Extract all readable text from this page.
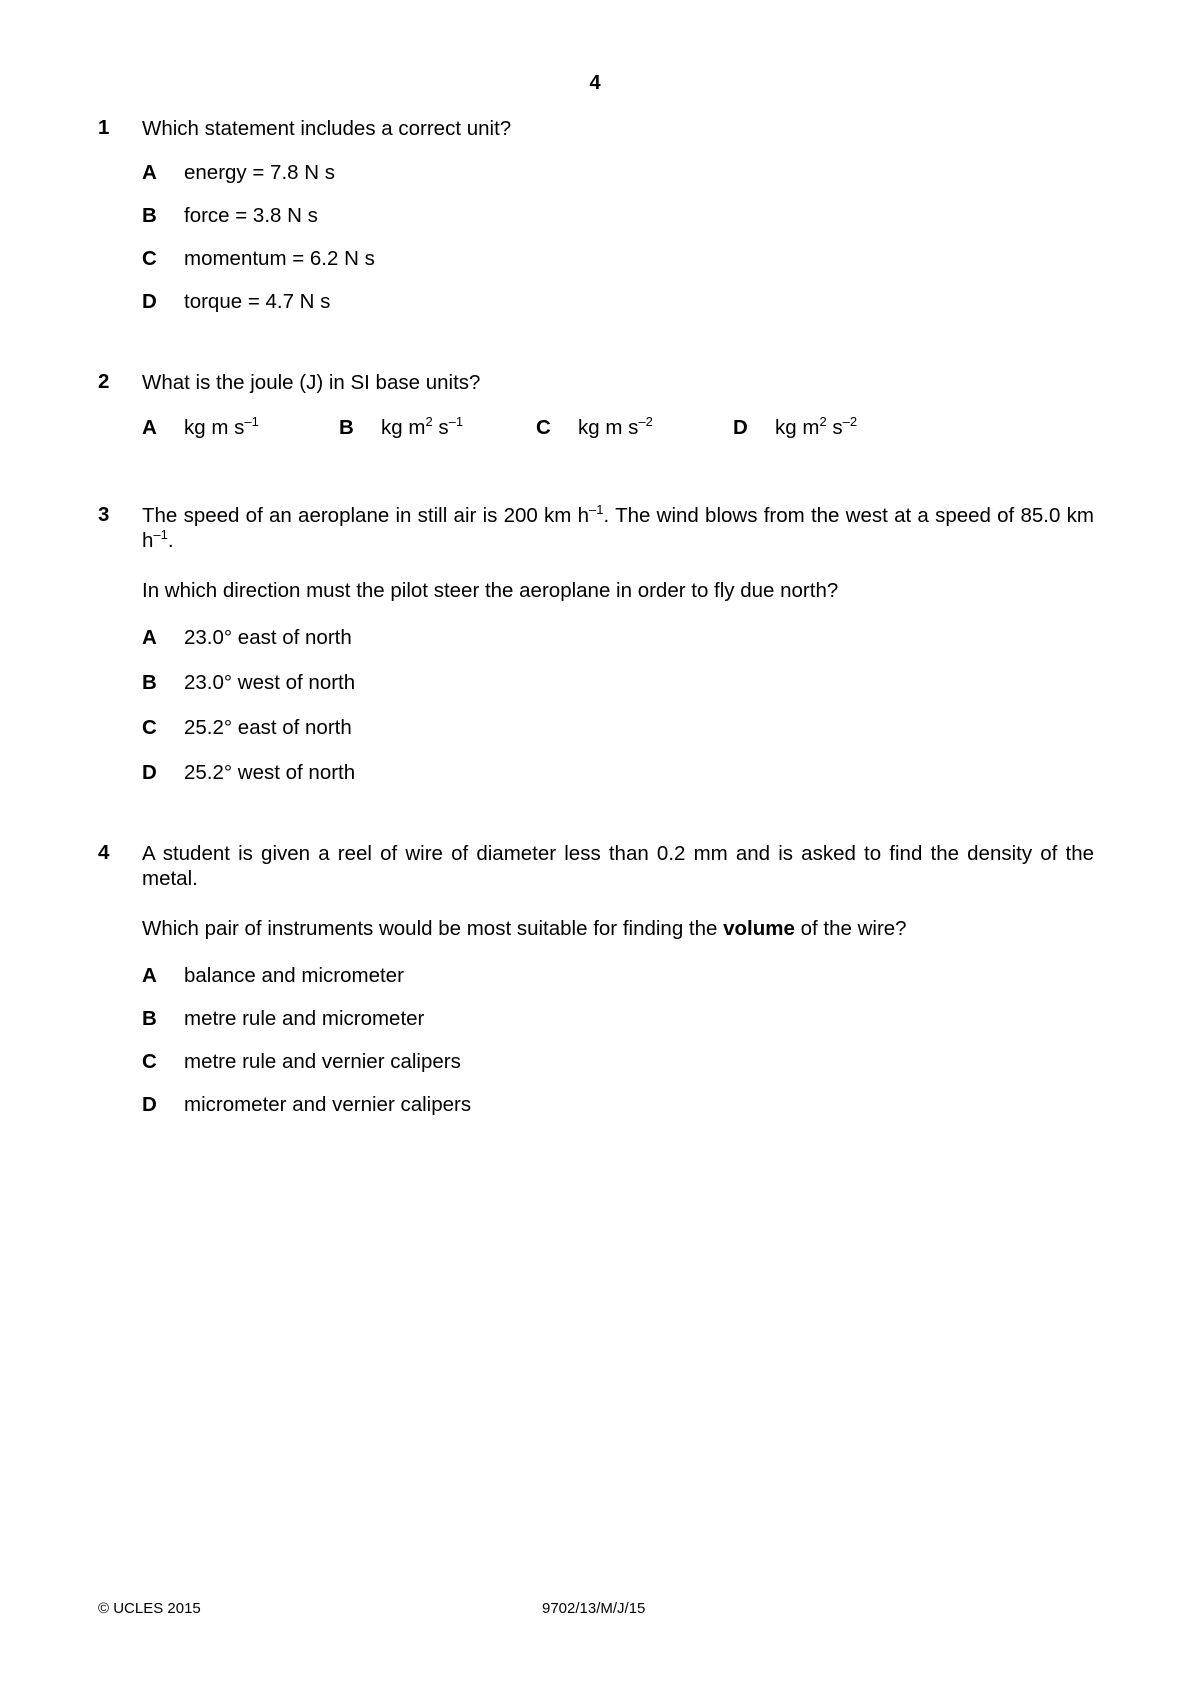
4
1 Which statement includes a correct unit?
A energy = 7.8 N s
B force = 3.8 N s
C momentum = 6.2 N s
D torque = 4.7 N s
2 What is the joule (J) in SI base units?
A kg m $s^{-1}$	B kg $m^2$ $s^{-1}$	C kg m $s^{-2}$	D kg $m^2$ $s^{-2}$
3 The speed of an aeroplane in still air is 200 km $h^{-1}$. The wind blows from the west at a speed of 85.0 km $h^{-1}$.
In which direction must the pilot steer the aeroplane in order to fly due north?
A 23.0° east of north
B 23.0° west of north
C 25.2° east of north
D 25.2° west of north
4 A student is given a reel of wire of diameter less than 0.2 mm and is asked to find the density of the metal.
Which pair of instruments would be most suitable for finding the volume of the wire?
A balance and micrometer
B metre rule and micrometer
C metre rule and vernier calipers
D micrometer and vernier calipers
© UCLES 2015	9702/13/M/J/15
